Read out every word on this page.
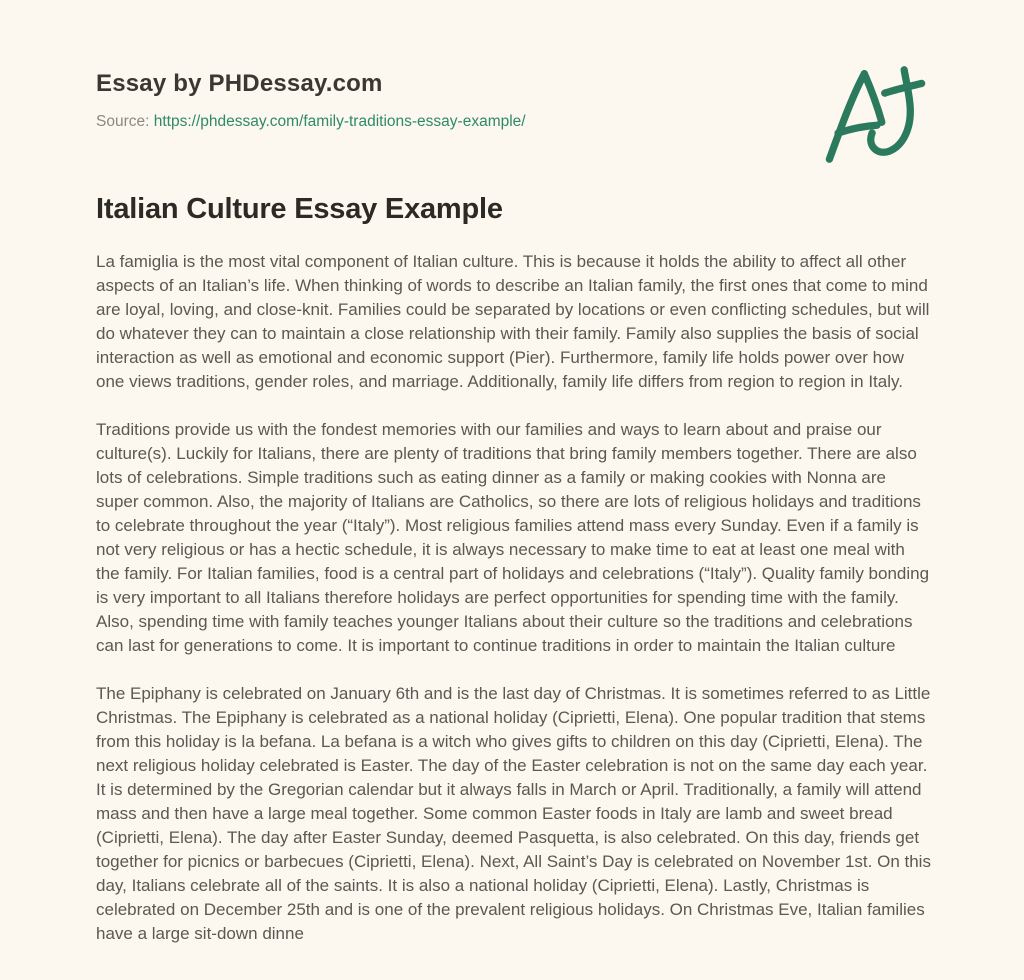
Essay by PHDessay.com
Source: https://phdessay.com/family-traditions-essay-example/
Italian Culture Essay Example

La famiglia is the most vital component of Italian culture. This is because it holds the ability to affect all other aspects of an Italian’s life. When thinking of words to describe an Italian family, the first ones that come to mind are loyal, loving, and close-knit. Families could be separated by locations or even conflicting schedules, but will do whatever they can to maintain a close relationship with their family. Family also supplies the basis of social interaction as well as emotional and economic support (Pier). Furthermore, family life holds power over how one views traditions, gender roles, and marriage. Additionally, family life differs from region to region in Italy.

Traditions provide us with the fondest memories with our families and ways to learn about and praise our culture(s). Luckily for Italians, there are plenty of traditions that bring family members together. There are also lots of celebrations. Simple traditions such as eating dinner as a family or making cookies with Nonna are super common. Also, the majority of Italians are Catholics, so there are lots of religious holidays and traditions to celebrate throughout the year (“Italy”). Most religious families attend mass every Sunday. Even if a family is not very religious or has a hectic schedule, it is always necessary to make time to eat at least one meal with the family. For Italian families, food is a central part of holidays and celebrations (“Italy”). Quality family bonding is very important to all Italians therefore holidays are perfect opportunities for spending time with the family. Also, spending time with family teaches younger Italians about their culture so the traditions and celebrations can last for generations to come. It is important to continue traditions in order to maintain the Italian culture

The Epiphany is celebrated on January 6th and is the last day of Christmas. It is sometimes referred to as Little Christmas. The Epiphany is celebrated as a national holiday (Ciprietti, Elena). One popular tradition that stems from this holiday is la befana. La befana is a witch who gives gifts to children on this day (Ciprietti, Elena). The next religious holiday celebrated is Easter. The day of the Easter celebration is not on the same day each year. It is determined by the Gregorian calendar but it always falls in March or April. Traditionally, a family will attend mass and then have a large meal together. Some common Easter foods in Italy are lamb and sweet bread (Ciprietti, Elena). The day after Easter Sunday, deemed Pasquetta, is also celebrated. On this day, friends get together for picnics or barbecues (Ciprietti, Elena). Next, All Saint’s Day is celebrated on November 1st. On this day, Italians celebrate all of the saints. It is also a national holiday (Ciprietti, Elena). Lastly, Christmas is celebrated on December 25th and is one of the prevalent religious holidays. On Christmas Eve, Italian families have a large sit-down dinne
